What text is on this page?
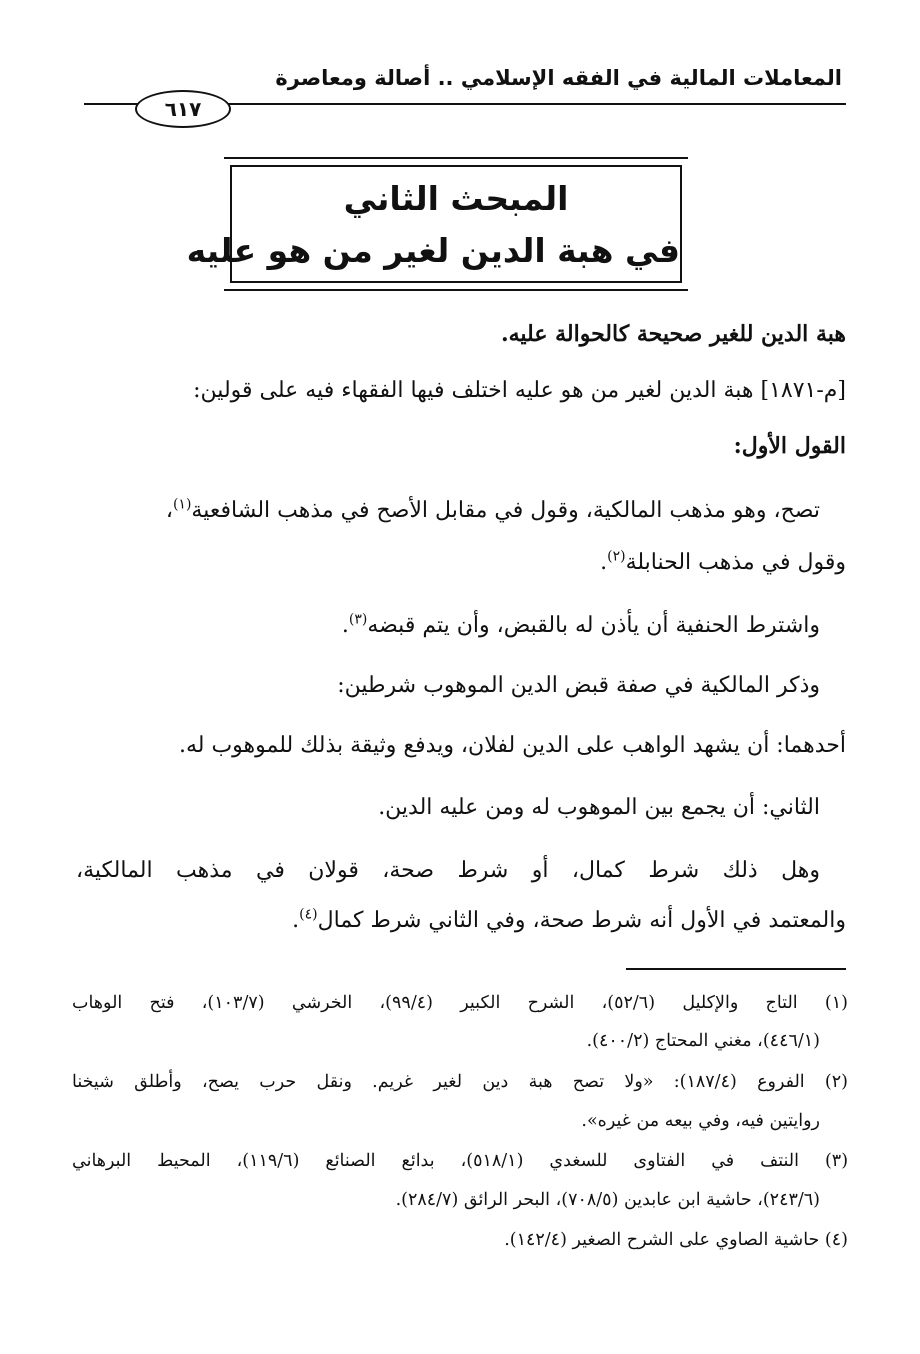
المعاملات المالية في الفقه الإسلامي .. أصالة ومعاصرة
٦١٧
المبحث الثاني
في هبة الدين لغير من هو عليه
هبة الدين للغير صحيحة كالحوالة عليه.
[م-١٨٧١] هبة الدين لغير من هو عليه اختلف فيها الفقهاء فيه على قولين:
القول الأول:
تصح، وهو مذهب المالكية، وقول في مقابل الأصح في مذهب الشافعية$^{(١)}$،
وقول في مذهب الحنابلة$^{(٢)}$.
واشترط الحنفية أن يأذن له بالقبض، وأن يتم قبضه$^{(٣)}$.
وذكر المالكية في صفة قبض الدين الموهوب شرطين:
أحدهما: أن يشهد الواهب على الدين لفلان، ويدفع وثيقة بذلك للموهوب له.
الثاني: أن يجمع بين الموهوب له ومن عليه الدين.
وهل ذلك شرط كمال، أو شرط صحة، قولان في مذهب المالكية،
والمعتمد في الأول أنه شرط صحة، وفي الثاني شرط كمال$^{(٤)}$.
(١) التاج والإكليل (٥٢/٦)، الشرح الكبير (٩٩/٤)، الخرشي (١٠٣/٧)، فتح الوهاب
(٤٤٦/١)، مغني المحتاج (٤٠٠/٢).
(٢) الفروع (١٨٧/٤): «ولا تصح هبة دين لغير غريم. ونقل حرب يصح، وأطلق شيخنا
روايتين فيه، وفي بيعه من غيره».
(٣) النتف في الفتاوى للسغدي (٥١٨/١)، بدائع الصنائع (١١٩/٦)، المحيط البرهاني
(٢٤٣/٦)، حاشية ابن عابدين (٧٠٨/٥)، البحر الرائق (٢٨٤/٧).
(٤) حاشية الصاوي على الشرح الصغير (١٤٢/٤).
